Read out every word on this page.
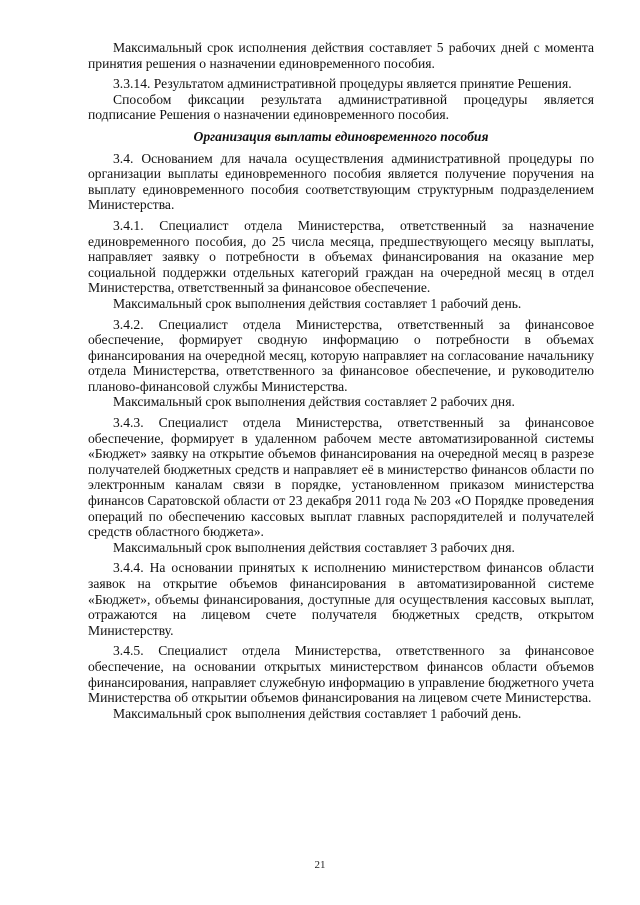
Максимальный срок исполнения действия составляет 5 рабочих дней с момента принятия решения о назначении единовременного пособия.

3.3.14. Результатом административной процедуры является принятие Решения.

Способом фиксации результата административной процедуры является подписание Решения о назначении единовременного пособия.

Организация выплаты единовременного пособия

3.4. Основанием для начала осуществления административной процедуры по организации выплаты единовременного пособия является получение поручения на выплату единовременного пособия соответствующим структурным подразделением Министерства.

3.4.1. Специалист отдела Министерства, ответственный за назначение единовременного пособия, до 25 числа месяца, предшествующего месяцу выплаты, направляет заявку о потребности в объемах финансирования на оказание мер социальной поддержки отдельных категорий граждан на очередной месяц в отдел Министерства, ответственный за финансовое обеспечение.

Максимальный срок выполнения действия составляет 1 рабочий день.

3.4.2. Специалист отдела Министерства, ответственный за финансовое обеспечение, формирует сводную информацию о потребности в объемах финансирования на очередной месяц, которую направляет на согласование начальнику отдела Министерства, ответственного за финансовое обеспечение, и руководителю планово-финансовой службы Министерства.

Максимальный срок выполнения действия составляет 2 рабочих дня.

3.4.3. Специалист отдела Министерства, ответственный за финансовое обеспечение, формирует в удаленном рабочем месте автоматизированной системы «Бюджет» заявку на открытие объемов финансирования на очередной месяц в разрезе получателей бюджетных средств и направляет её в министерство финансов области по электронным каналам связи в порядке, установленном приказом министерства финансов Саратовской области от 23 декабря 2011 года № 203 «О Порядке проведения операций по обеспечению кассовых выплат главных распорядителей и получателей средств областного бюджета».

Максимальный срок выполнения действия составляет 3 рабочих дня.

3.4.4. На основании принятых к исполнению министерством финансов области заявок на открытие объемов финансирования в автоматизированной системе «Бюджет», объемы финансирования, доступные для осуществления кассовых выплат, отражаются на лицевом счете получателя бюджетных средств, открытом Министерству.

3.4.5. Специалист отдела Министерства, ответственного за финансовое обеспечение, на основании открытых министерством финансов области объемов финансирования, направляет служебную информацию в управление бюджетного учета Министерства об открытии объемов финансирования на лицевом счете Министерства.

Максимальный срок выполнения действия составляет 1 рабочий день.

21
